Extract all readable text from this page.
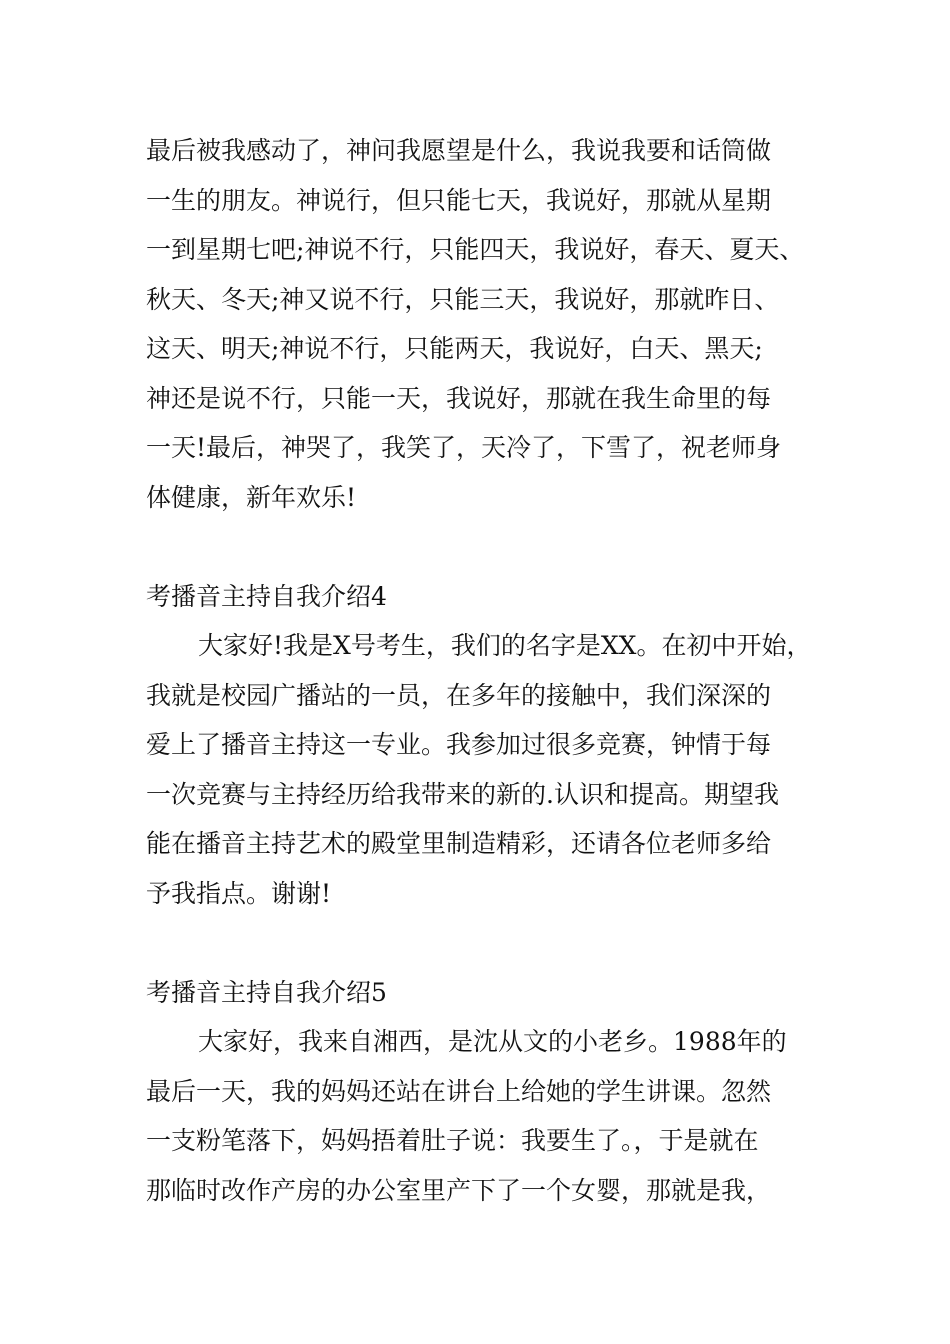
最后被我感动了，神问我愿望是什么，我说我要和话筒做
一生的朋友。神说行，但只能七天，我说好，那就从星期
一到星期七吧;神说不行，只能四天，我说好，春天、夏天、
秋天、冬天;神又说不行，只能三天，我说好，那就昨日、
这天、明天;神说不行，只能两天，我说好，白天、黑天;
神还是说不行，只能一天，我说好，那就在我生命里的每
一天!最后，神哭了，我笑了，天冷了，下雪了，祝老师身
体健康，新年欢乐!
考播音主持自我介绍4
大家好!我是X号考生，我们的名字是XX。在初中开始，
我就是校园广播站的一员，在多年的接触中，我们深深的
爱上了播音主持这一专业。我参加过很多竞赛，钟情于每
一次竞赛与主持经历给我带来的新的.认识和提高。期望我
能在播音主持艺术的殿堂里制造精彩，还请各位老师多给
予我指点。谢谢!
考播音主持自我介绍5
大家好，我来自湘西，是沈从文的小老乡。1988年的
最后一天，我的妈妈还站在讲台上给她的学生讲课。忽然
一支粉笔落下，妈妈捂着肚子说：我要生了。，于是就在
那临时改作产房的办公室里产下了一个女婴，那就是我，
